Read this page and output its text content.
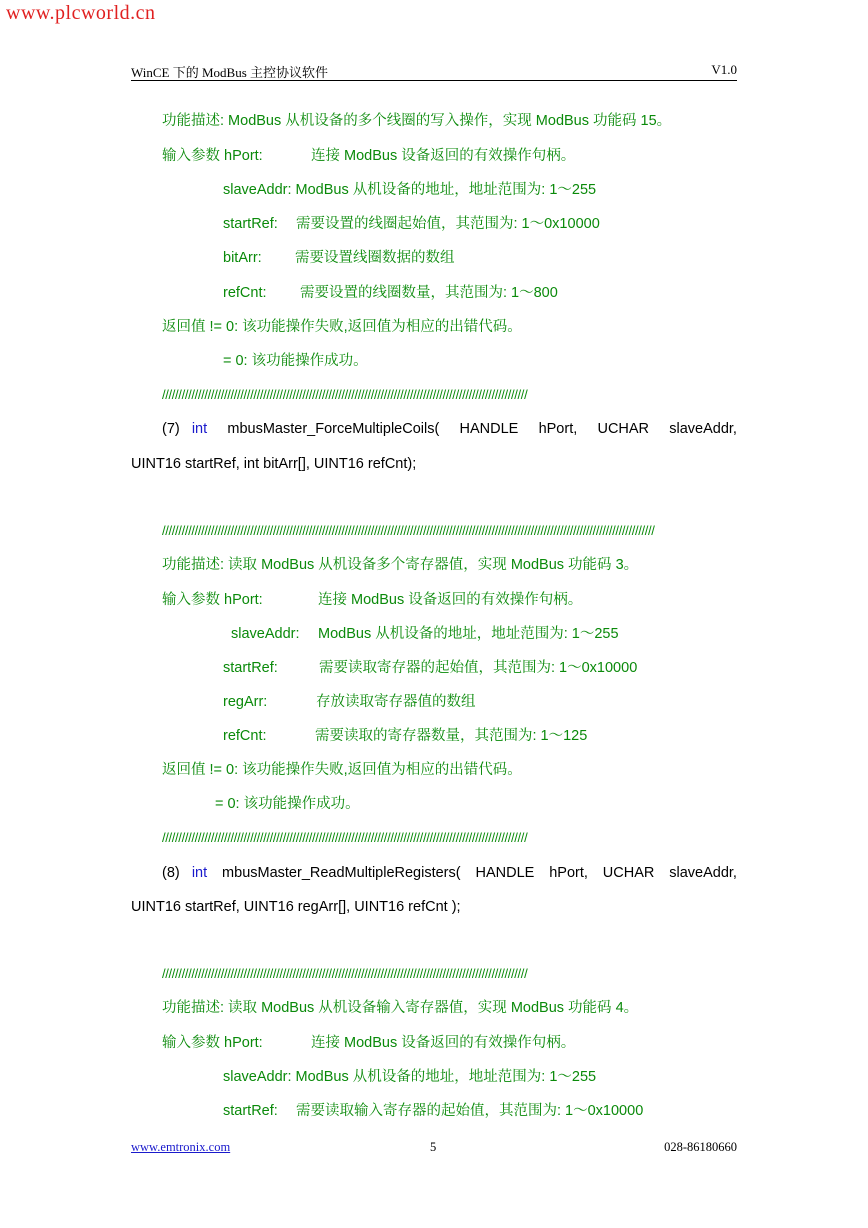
www.plcworld.cn
WinCE 下的 ModBus 主控协议软件	V1.0
功能描述: ModBus 从机设备的多个线圈的写入操作，实现 ModBus 功能码 15。
输入参数 hPort:	连接 ModBus 设备返回的有效操作句柄。
slaveAddr: ModBus 从机设备的地址，地址范围为: 1～255
startRef: 需要设置的线圈起始值，其范围为: 1～0x10000
bitArr: 需要设置线圈数据的数组
refCnt: 需要设置的线圈数量，其范围为: 1～800
返回值 != 0: 该功能操作失败,返回值为相应的出错代码。
= 0: 该功能操作成功。
////////////////////////////////////////////////////////////////////////////////////////////////////////////////
(7) int mbusMaster_ForceMultipleCoils( HANDLE hPort, UCHAR slaveAddr,
UINT16 startRef, int bitArr[], UINT16 refCnt);
///////////////////////////////////////////////////////////////////////////////////////////////////////////////////////////////////////////////////////
功能描述: 读取 ModBus 从机设备多个寄存器值，实现 ModBus 功能码 3。
输入参数 hPort:	连接 ModBus 设备返回的有效操作句柄。
slaveAddr: ModBus 从机设备的地址，地址范围为: 1～255
startRef:	需要读取寄存器的起始值，其范围为: 1～0x10000
regArr:	存放读取寄存器值的数组
refCnt:	需要读取的寄存器数量，其范围为: 1～125
返回值 != 0: 该功能操作失败,返回值为相应的出错代码。
= 0: 该功能操作成功。
////////////////////////////////////////////////////////////////////////////////////////////////////////////////
(8) int mbusMaster_ReadMultipleRegisters( HANDLE hPort, UCHAR slaveAddr,
UINT16 startRef, UINT16 regArr[], UINT16 refCnt );
////////////////////////////////////////////////////////////////////////////////////////////////////////////////
功能描述: 读取 ModBus 从机设备输入寄存器值，实现 ModBus 功能码 4。
输入参数 hPort:	连接 ModBus 设备返回的有效操作句柄。
slaveAddr: ModBus 从机设备的地址，地址范围为: 1～255
startRef: 需要读取输入寄存器的起始值，其范围为: 1～0x10000
www.emtronix.com	5	028-86180660
